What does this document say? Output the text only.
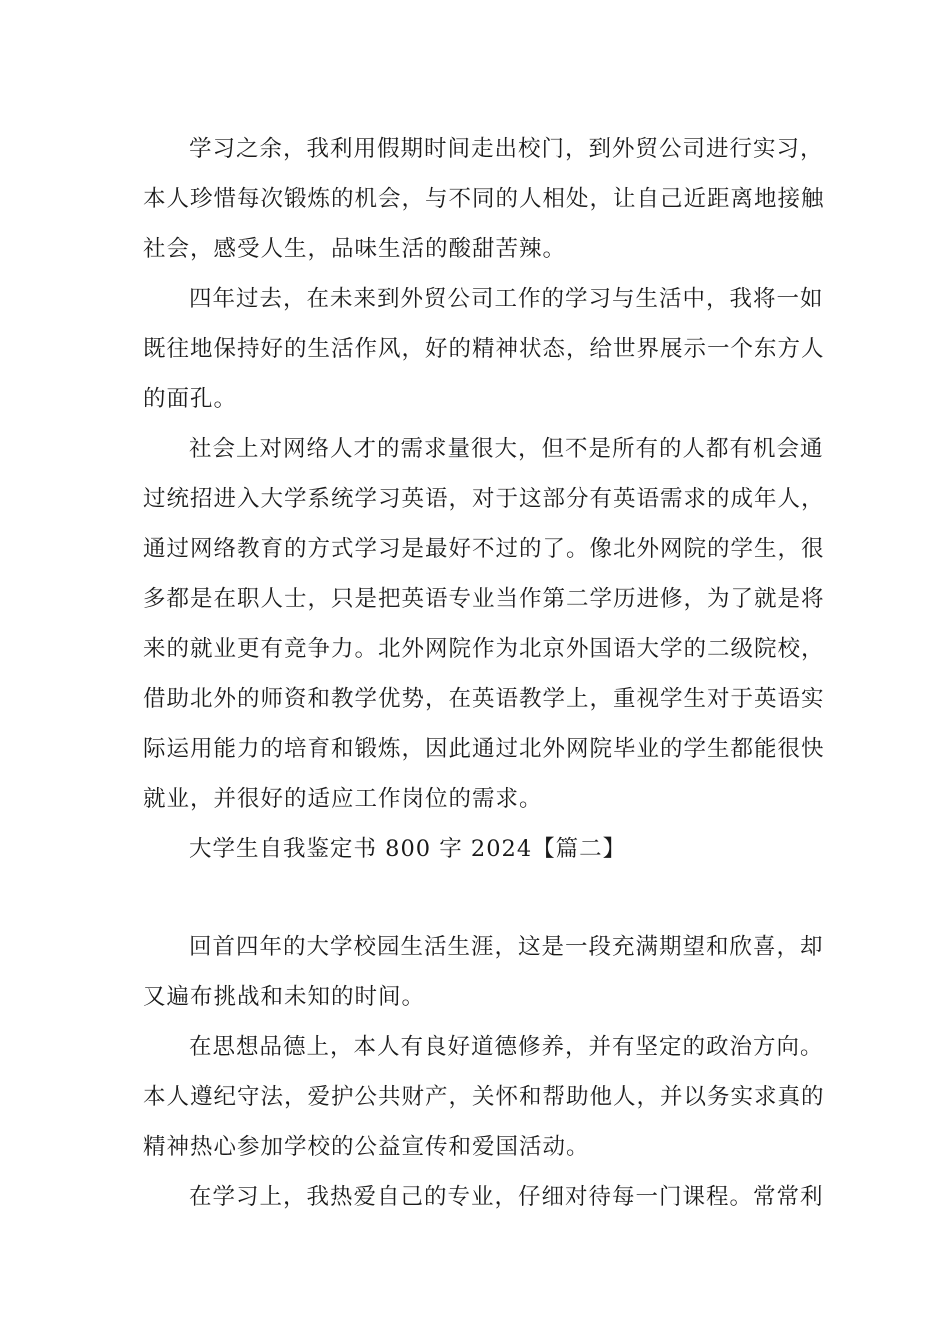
学习之余，我利用假期时间走出校门，到外贸公司进行实习，
本人珍惜每次锻炼的机会，与不同的人相处，让自己近距离地接触
社会，感受人生，品味生活的酸甜苦辣。
四年过去，在未来到外贸公司工作的学习与生活中，我将一如
既往地保持好的生活作风，好的精神状态，给世界展示一个东方人
的面孔。
社会上对网络人才的需求量很大，但不是所有的人都有机会通
过统招进入大学系统学习英语，对于这部分有英语需求的成年人，
通过网络教育的方式学习是最好不过的了。像北外网院的学生，很
多都是在职人士，只是把英语专业当作第二学历进修，为了就是将
来的就业更有竞争力。北外网院作为北京外国语大学的二级院校，
借助北外的师资和教学优势，在英语教学上，重视学生对于英语实
际运用能力的培育和锻炼，因此通过北外网院毕业的学生都能很快
就业，并很好的适应工作岗位的需求。
大学生自我鉴定书 800 字 2024【篇二】
回首四年的大学校园生活生涯，这是一段充满期望和欣喜，却
又遍布挑战和未知的时间。
在思想品德上，本人有良好道德修养，并有坚定的政治方向。
本人遵纪守法，爱护公共财产，关怀和帮助他人，并以务实求真的
精神热心参加学校的公益宣传和爱国活动。
在学习上，我热爱自己的专业，仔细对待每一门课程。常常利
